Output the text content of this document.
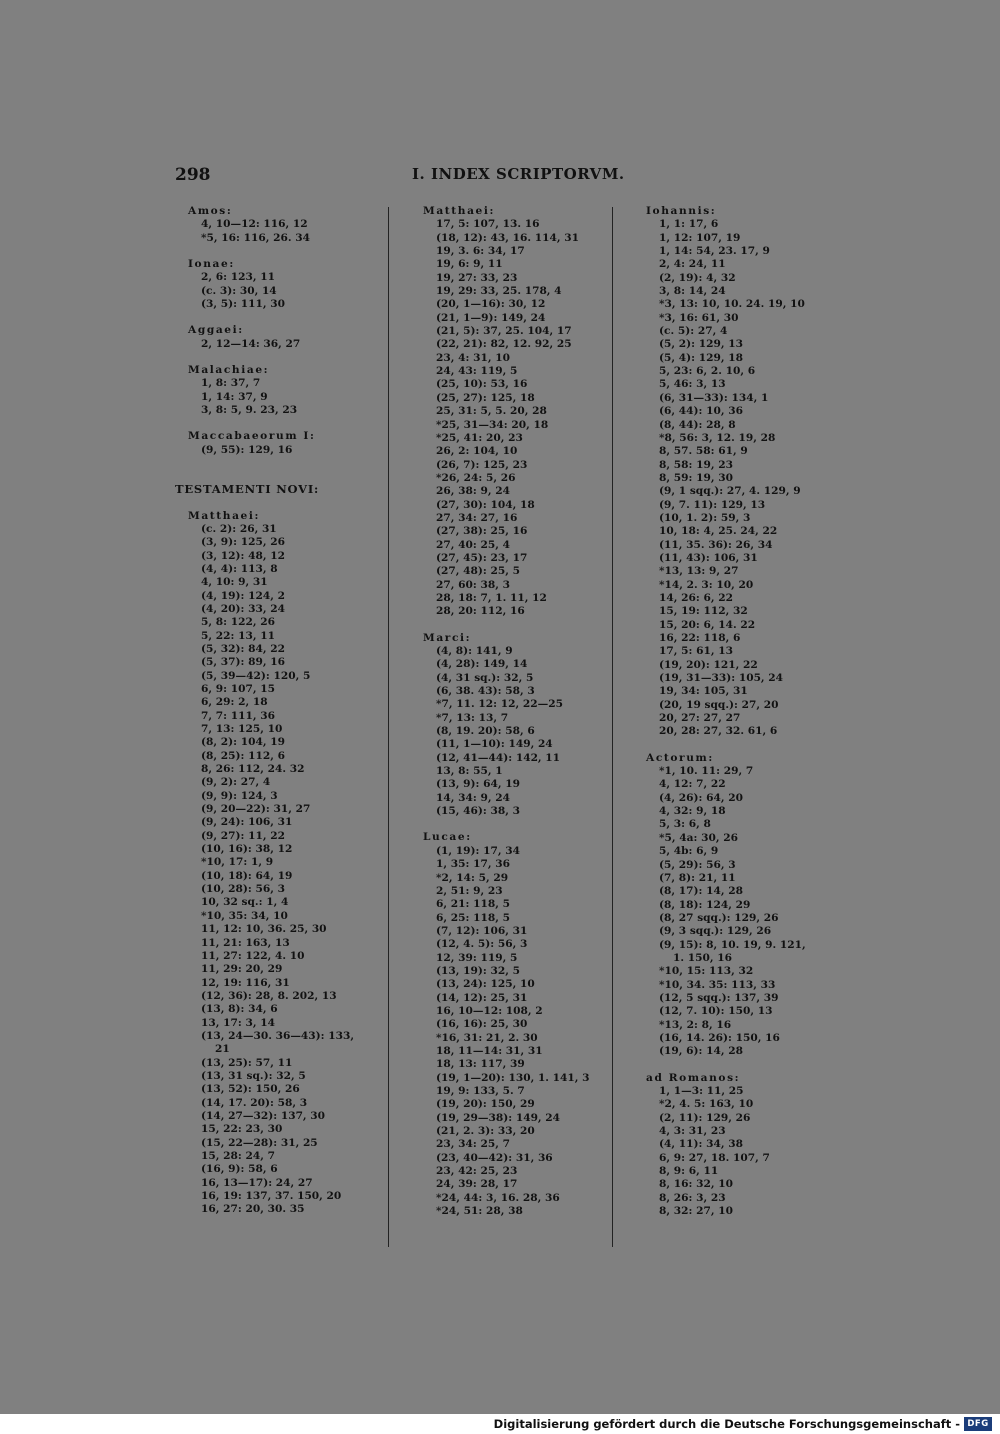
298	I. INDEX SCRIPTORVM.
Amos:
4, 10—12: 116, 12
*5, 16: 116, 26. 34
Ionae:
2, 6: 123, 11
(c. 3): 30, 14
(3, 5): 111, 30
Aggaei:
2, 12—14: 36, 27
Malachiae:
1, 8: 37, 7
1, 14: 37, 9
3, 8: 5, 9. 23, 23
Maccabaeorum I:
(9, 55): 129, 16
TESTAMENTI NOVI:
Matthaei:
(c. 2): 26, 31
(3, 9): 125, 26
(3, 12): 48, 12
(4, 4): 113, 8
4, 10: 9, 31
(4, 19): 124, 2
(4, 20): 33, 24
5, 8: 122, 26
5, 22: 13, 11
(5, 32): 84, 22
(5, 37): 89, 16
(5, 39—42): 120, 5
6, 9: 107, 15
6, 29: 2, 18
7, 7: 111, 36
7, 13: 125, 10
(8, 2): 104, 19
(8, 25): 112, 6
8, 26: 112, 24. 32
(9, 2): 27, 4
(9, 9): 124, 3
(9, 20—22): 31, 27
(9, 24): 106, 31
(9, 27): 11, 22
(10, 16): 38, 12
*10, 17: 1, 9
(10, 18): 64, 19
(10, 28): 56, 3
10, 32 sq.: 1, 4
*10, 35: 34, 10
11, 12: 10, 36. 25, 30
11, 21: 163, 13
11, 27: 122, 4. 10
11, 29: 20, 29
12, 19: 116, 31
(12, 36): 28, 8. 202, 13
(13, 8): 34, 6
13, 17: 3, 14
(13, 24—30. 36—43): 133,
21
(13, 25): 57, 11
(13, 31 sq.): 32, 5
(13, 52): 150, 26
(14, 17. 20): 58, 3
(14, 27—32): 137, 30
15, 22: 23, 30
(15, 22—28): 31, 25
15, 28: 24, 7
(16, 9): 58, 6
16, 13—17): 24, 27
16, 19: 137, 37. 150, 20
16, 27: 20, 30. 35
Matthaei:
17, 5: 107, 13. 16
(18, 12): 43, 16. 114, 31
19, 3. 6: 34, 17
19, 6: 9, 11
19, 27: 33, 23
19, 29: 33, 25. 178, 4
(20, 1—16): 30, 12
(21, 1—9): 149, 24
(21, 5): 37, 25. 104, 17
(22, 21): 82, 12. 92, 25
23, 4: 31, 10
24, 43: 119, 5
(25, 10): 53, 16
(25, 27): 125, 18
25, 31: 5, 5. 20, 28
*25, 31—34: 20, 18
*25, 41: 20, 23
26, 2: 104, 10
(26, 7): 125, 23
*26, 24: 5, 26
26, 38: 9, 24
(27, 30): 104, 18
27, 34: 27, 16
(27, 38): 25, 16
27, 40: 25, 4
(27, 45): 23, 17
(27, 48): 25, 5
27, 60: 38, 3
28, 18: 7, 1. 11, 12
28, 20: 112, 16
Marci:
(4, 8): 141, 9
(4, 28): 149, 14
(4, 31 sq.): 32, 5
(6, 38. 43): 58, 3
*7, 11. 12: 12, 22—25
*7, 13: 13, 7
(8, 19. 20): 58, 6
(11, 1—10): 149, 24
(12, 41—44): 142, 11
13, 8: 55, 1
(13, 9): 64, 19
14, 34: 9, 24
(15, 46): 38, 3
Lucae:
(1, 19): 17, 34
1, 35: 17, 36
*2, 14: 5, 29
2, 51: 9, 23
6, 21: 118, 5
6, 25: 118, 5
(7, 12): 106, 31
(12, 4. 5): 56, 3
12, 39: 119, 5
(13, 19): 32, 5
(13, 24): 125, 10
(14, 12): 25, 31
16, 10—12: 108, 2
(16, 16): 25, 30
*16, 31: 21, 2. 30
18, 11—14: 31, 31
18, 13: 117, 39
(19, 1—20): 130, 1. 141, 3
19, 9: 133, 5. 7
(19, 20): 150, 29
(19, 29—38): 149, 24
(21, 2. 3): 33, 20
23, 34: 25, 7
(23, 40—42): 31, 36
23, 42: 25, 23
24, 39: 28, 17
*24, 44: 3, 16. 28, 36
*24, 51: 28, 38
Iohannis:
1, 1: 17, 6
1, 12: 107, 19
1, 14: 54, 23. 17, 9
2, 4: 24, 11
(2, 19): 4, 32
3, 8: 14, 24
*3, 13: 10, 10. 24. 19, 10
*3, 16: 61, 30
(c. 5): 27, 4
(5, 2): 129, 13
(5, 4): 129, 18
5, 23: 6, 2. 10, 6
5, 46: 3, 13
(6, 31—33): 134, 1
(6, 44): 10, 36
(8, 44): 28, 8
*8, 56: 3, 12. 19, 28
8, 57. 58: 61, 9
8, 58: 19, 23
8, 59: 19, 30
(9, 1 sqq.): 27, 4. 129, 9
(9, 7. 11): 129, 13
(10, 1. 2): 59, 3
10, 18: 4, 25. 24, 22
(11, 35. 36): 26, 34
(11, 43): 106, 31
*13, 13: 9, 27
*14, 2. 3: 10, 20
14, 26: 6, 22
15, 19: 112, 32
15, 20: 6, 14. 22
16, 22: 118, 6
17, 5: 61, 13
(19, 20): 121, 22
(19, 31—33): 105, 24
19, 34: 105, 31
(20, 19 sqq.): 27, 20
20, 27: 27, 27
20, 28: 27, 32. 61, 6
Actorum:
*1, 10. 11: 29, 7
4, 12: 7, 22
(4, 26): 64, 20
4, 32: 9, 18
5, 3: 6, 8
*5, 4a: 30, 26
5, 4b: 6, 9
(5, 29): 56, 3
(7, 8): 21, 11
(8, 17): 14, 28
(8, 18): 124, 29
(8, 27 sqq.): 129, 26
(9, 3 sqq.): 129, 26
(9, 15): 8, 10. 19, 9. 121,
1. 150, 16
*10, 15: 113, 32
*10, 34. 35: 113, 33
(12, 5 sqq.): 137, 39
(12, 7. 10): 150, 13
*13, 2: 8, 16
(16, 14. 26): 150, 16
(19, 6): 14, 28
ad Romanos:
1, 1—3: 11, 25
*2, 4. 5: 163, 10
(2, 11): 129, 26
4, 3: 31, 23
(4, 11): 34, 38
6, 9: 27, 18. 107, 7
8, 9: 6, 11
8, 16: 32, 10
8, 26: 3, 23
8, 32: 27, 10
Digitalisierung gefördert durch die Deutsche Forschungsgemeinschaft - DFG
